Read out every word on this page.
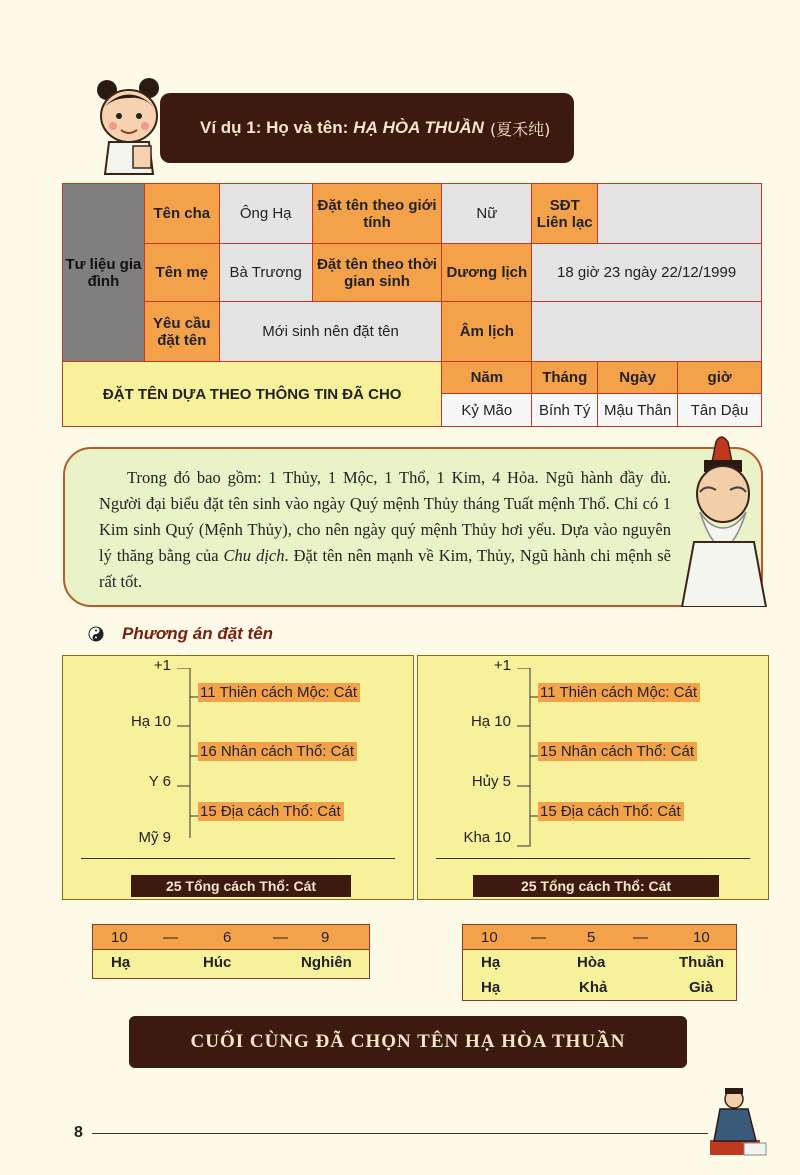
Ví dụ 1: Họ và tên: HẠ HÒA THUẦN (夏禾纯)
Tư liệu gia đình	Tên cha	Ông Hạ	Đặt tên theo giới tính	Nữ	SĐT Liên lạc		
	Tên mẹ	Bà Trương	Đặt tên theo thời gian sinh	Dương lịch	18 giờ 23 ngày 22/12/1999		
	Yêu cầu đặt tên	Mới sinh nên đặt tên		Âm lịch			
ĐẶT TÊN DỰA THEO THÔNG TIN ĐÃ CHO				Năm	Tháng	Ngày	giờ
				Kỷ Mão	Bính Tý	Mậu Thân	Tân Dậu

Trong đó bao gồm: 1 Thủy, 1 Mộc, 1 Thổ, 1 Kim, 4 Hỏa. Ngũ hành đầy đủ. Người đại biểu đặt tên sinh vào ngày Quý mệnh Thủy tháng Tuất mệnh Thổ. Chỉ có 1 Kim sinh Quý (Mệnh Thủy), cho nên ngày quý mệnh Thủy hơi yếu. Dựa vào nguyên lý thăng bằng của Chu dịch. Đặt tên nên mạnh về Kim, Thủy, Ngũ hành chi mệnh sẽ rất tốt.

Phương án đặt tên
+1
Hạ 10
Y 6
Mỹ 9
11 Thiên cách Mộc: Cát
16 Nhân cách Thổ: Cát
15 Địa cách Thổ: Cát
25 Tổng cách Thổ: Cát
+1
Hạ 10
Hủy 5
Kha 10
11 Thiên cách Mộc: Cát
15 Nhân cách Thổ: Cát
15 Địa cách Thổ: Cát
25 Tổng cách Thổ: Cát
10 —	6	— 9
Hạ	Húc	Nghiên
10 —	5	—	10
Hạ	Hòa	Thuần
Hạ	Khả	Già
CUỐI CÙNG ĐÃ CHỌN TÊN HẠ HÒA THUẦN
8
